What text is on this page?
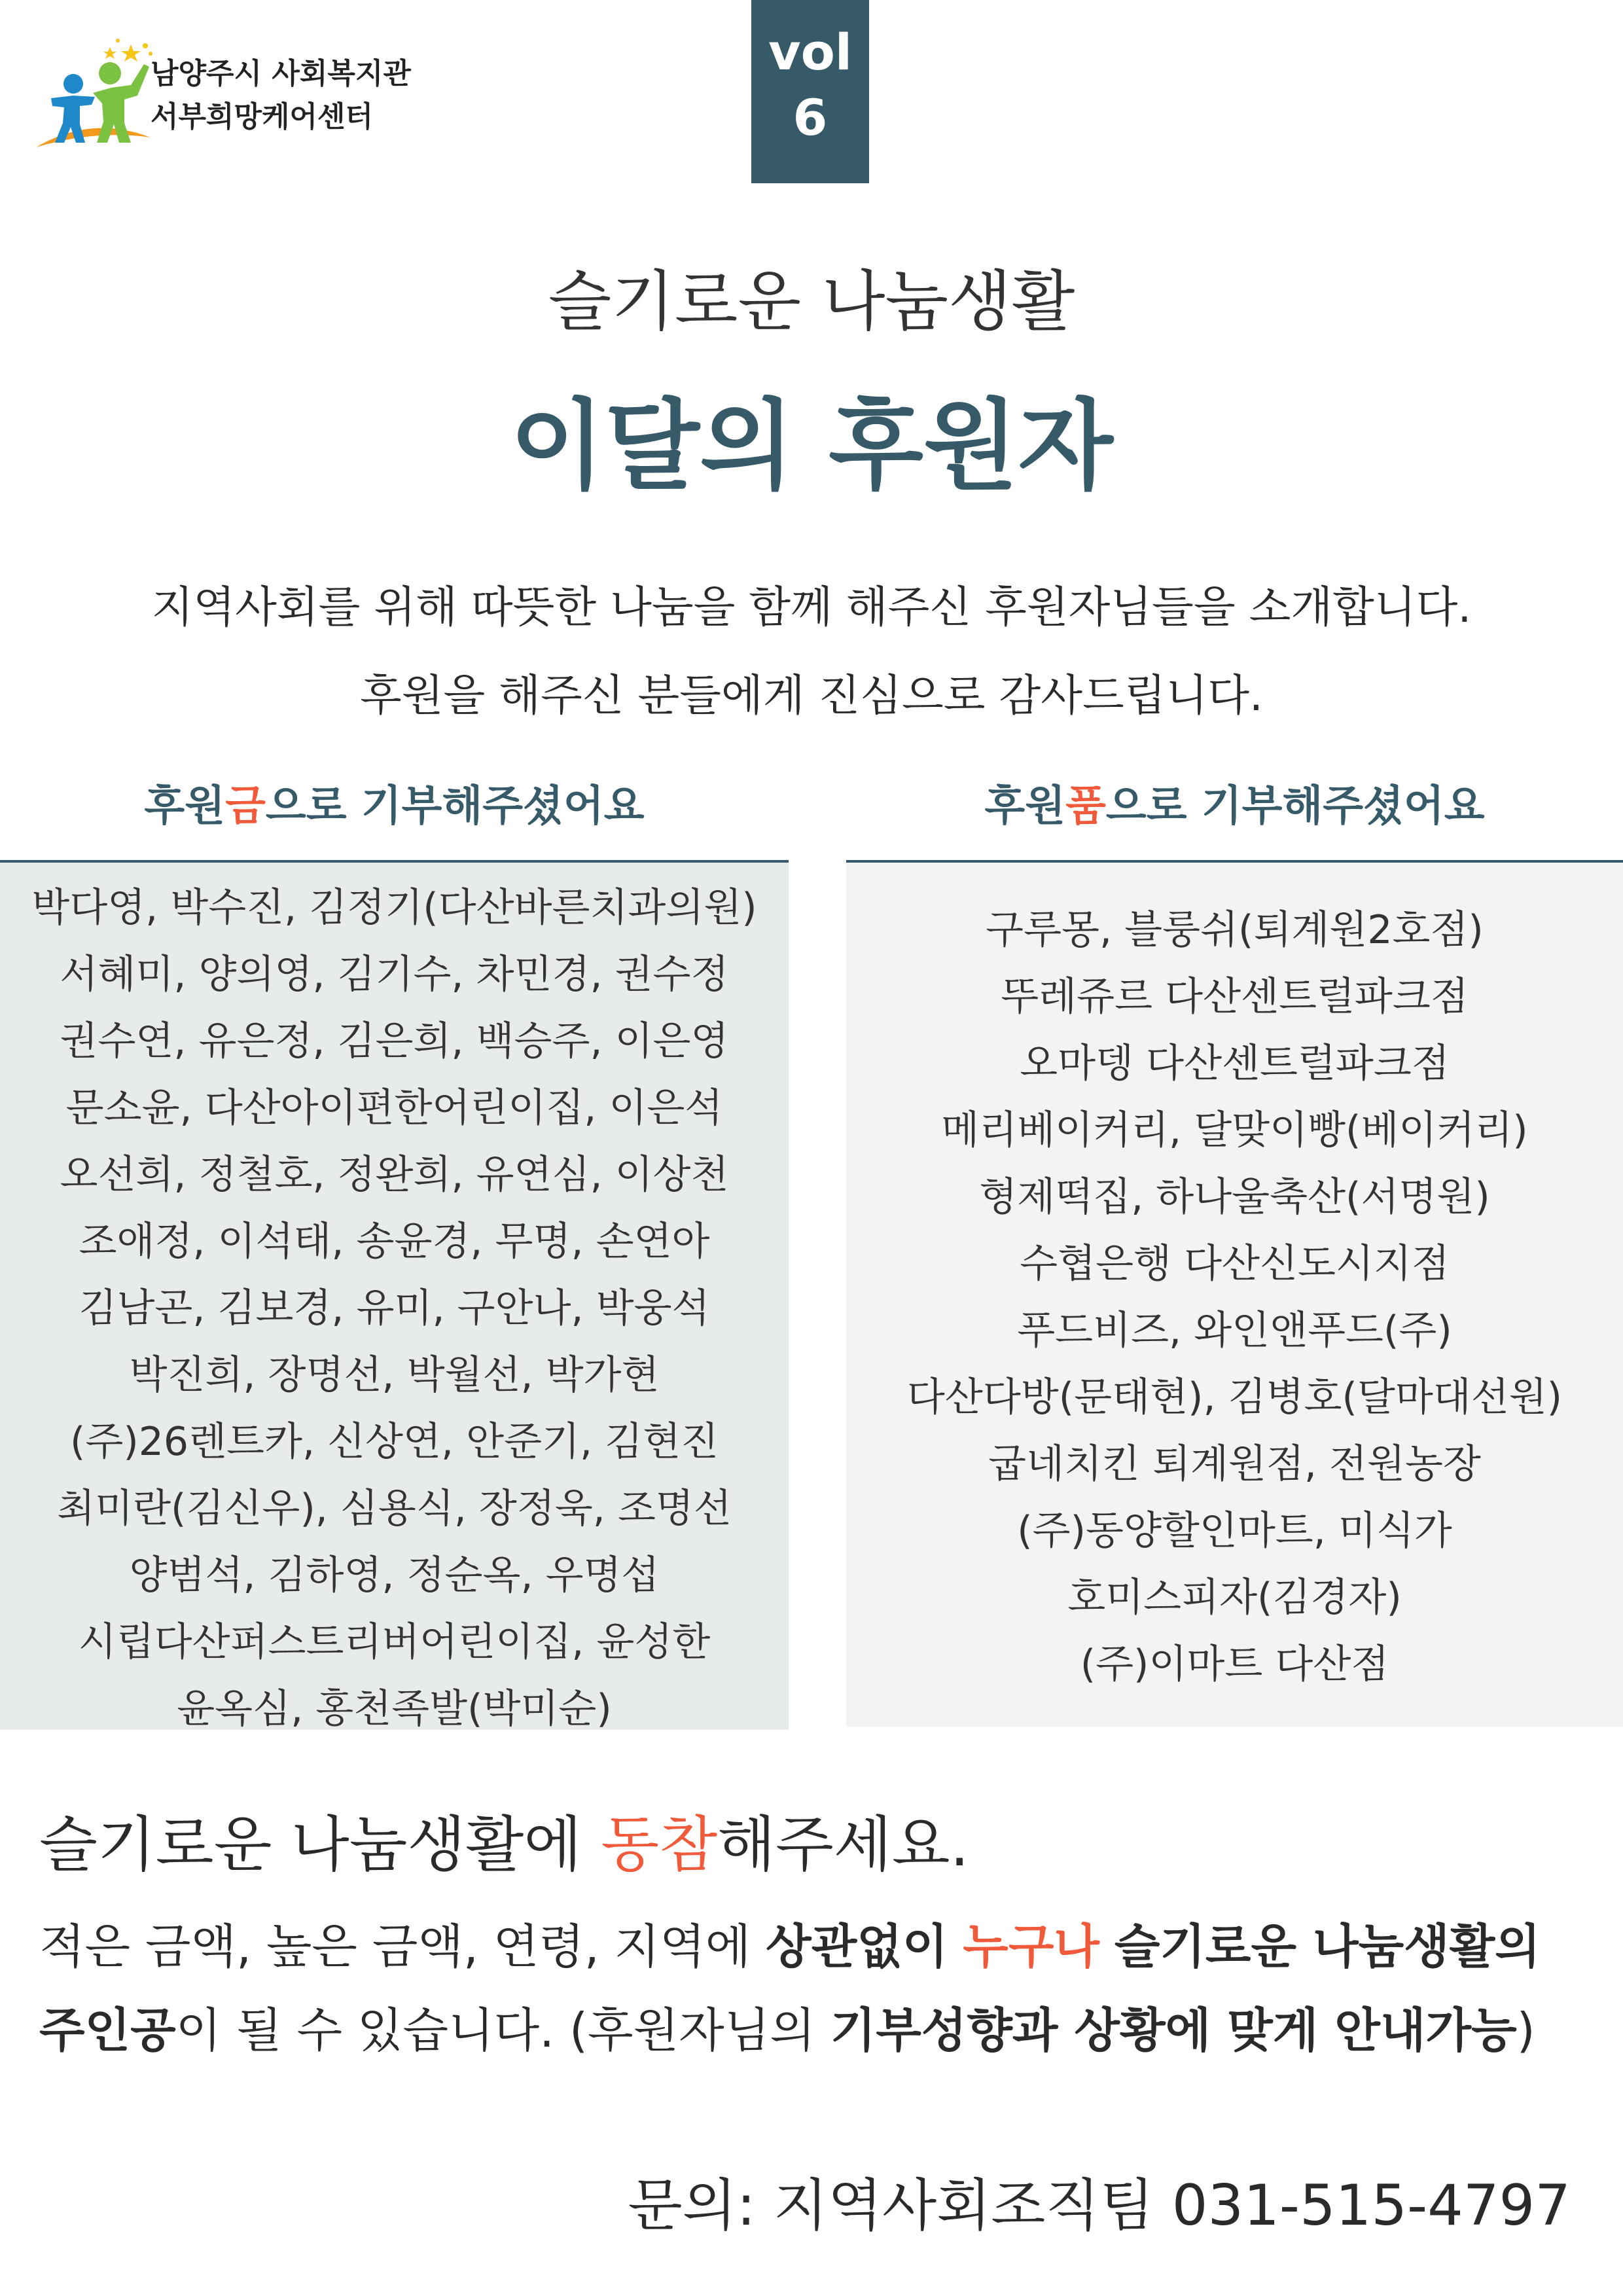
남양주시 사회복지관
서부희망케어센터
vol
6
슬기로운 나눔생활
이달의 후원자
지역사회를 위해 따뜻한 나눔을 함께 해주신 후원자님들을 소개합니다.
후원을 해주신 분들에게 진심으로 감사드립니다.
후원금으로 기부해주셨어요	후원품으로 기부해주셨어요
박다영, 박수진, 김정기(다산바른치과의원)
서혜미, 양의영, 김기수, 차민경, 권수정
권수연, 유은정, 김은희, 백승주, 이은영
문소윤, 다산아이편한어린이집, 이은석
오선희, 정철호, 정완희, 유연심, 이상천
조애정, 이석태, 송윤경, 무명, 손연아
김남곤, 김보경, 유미, 구안나, 박웅석
박진희, 장명선, 박월선, 박가현
(주)26렌트카, 신상연, 안준기, 김현진
최미란(김신우), 심용식, 장정욱, 조명선
양범석, 김하영, 정순옥, 우명섭
시립다산퍼스트리버어린이집, 윤성한
윤옥심, 홍천족발(박미순)
구루몽, 블룽쉬(퇴계원2호점)
뚜레쥬르 다산센트럴파크점
오마뎅 다산센트럴파크점
메리베이커리, 달맞이빵(베이커리)
형제떡집, 하나울축산(서명원)
수협은행 다산신도시지점
푸드비즈, 와인앤푸드(주)
다산다방(문태현), 김병호(달마대선원)
굽네치킨 퇴계원점, 전원농장
(주)동양할인마트, 미식가
호미스피자(김경자)
(주)이마트 다산점
슬기로운 나눔생활에 동참해주세요.
적은 금액, 높은 금액, 연령, 지역에 상관없이 누구나 슬기로운 나눔생활의
주인공이 될 수 있습니다. (후원자님의 기부성향과 상황에 맞게 안내가능)
문의: 지역사회조직팀 031-515-4797
